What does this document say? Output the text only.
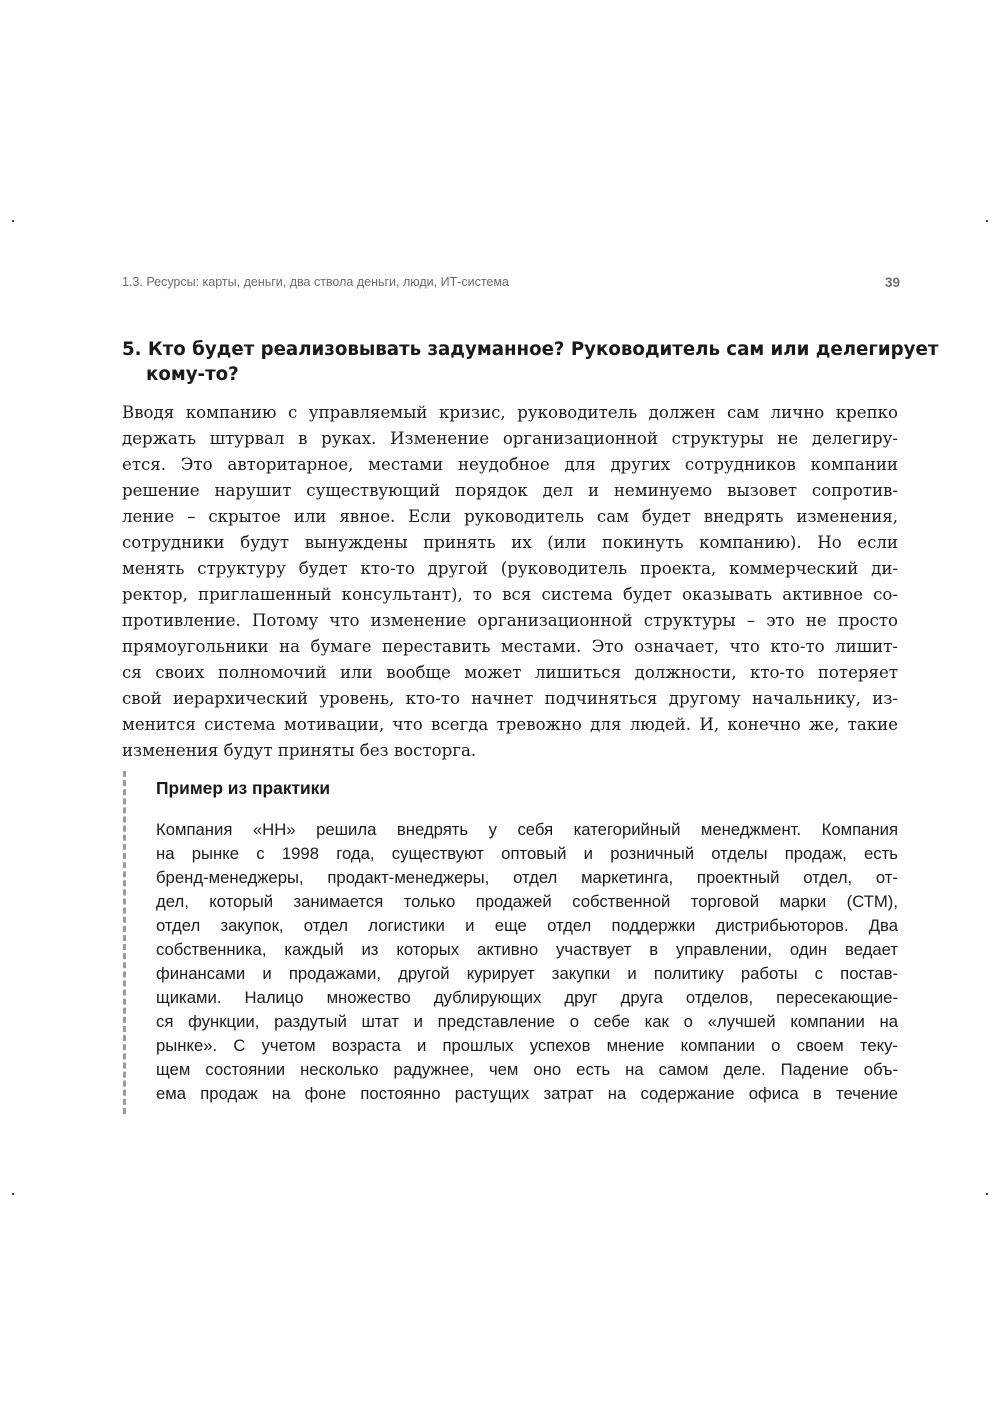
1.3. Ресурсы: карты, деньги, два ствола деньги, люди, ИТ-система	39
5. Кто будет реализовывать задуманное? Руководитель сам или делегирует
кому-то?
Вводя компанию с управляемый кризис, руководитель должен сам лично крепко
держать штурвал в руках. Изменение организационной структуры не делегиру-
ется. Это авторитарное, местами неудобное для других сотрудников компании
решение нарушит существующий порядок дел и неминуемо вызовет сопротив-
ление – скрытое или явное. Если руководитель сам будет внедрять изменения,
сотрудники будут вынуждены принять их (или покинуть компанию). Но если
менять структуру будет кто-то другой (руководитель проекта, коммерческий ди-
ректор, приглашенный консультант), то вся система будет оказывать активное со-
противление. Потому что изменение организационной структуры – это не просто
прямоугольники на бумаге переставить местами. Это означает, что кто-то лишит-
ся своих полномочий или вообще может лишиться должности, кто-то потеряет
свой иерархический уровень, кто-то начнет подчиняться другому начальнику, из-
менится система мотивации, что всегда тревожно для людей. И, конечно же, такие
изменения будут приняты без восторга.
Пример из практики
Компания «НН» решила внедрять у себя категорийный менеджмент. Компания
на рынке с 1998 года, существуют оптовый и розничный отделы продаж, есть
бренд-менеджеры, продакт-менеджеры, отдел маркетинга, проектный отдел, от-
дел, который занимается только продажей собственной торговой марки (СТМ),
отдел закупок, отдел логистики и еще отдел поддержки дистрибьюторов. Два
собственника, каждый из которых активно участвует в управлении, один ведает
финансами и продажами, другой курирует закупки и политику работы с постав-
щиками. Налицо множество дублирующих друг друга отделов, пересекающие-
ся функции, раздутый штат и представление о себе как о «лучшей компании на
рынке». С учетом возраста и прошлых успехов мнение компании о своем теку-
щем состоянии несколько радужнее, чем оно есть на самом деле. Падение объ-
ема продаж на фоне постоянно растущих затрат на содержание офиса в течение
